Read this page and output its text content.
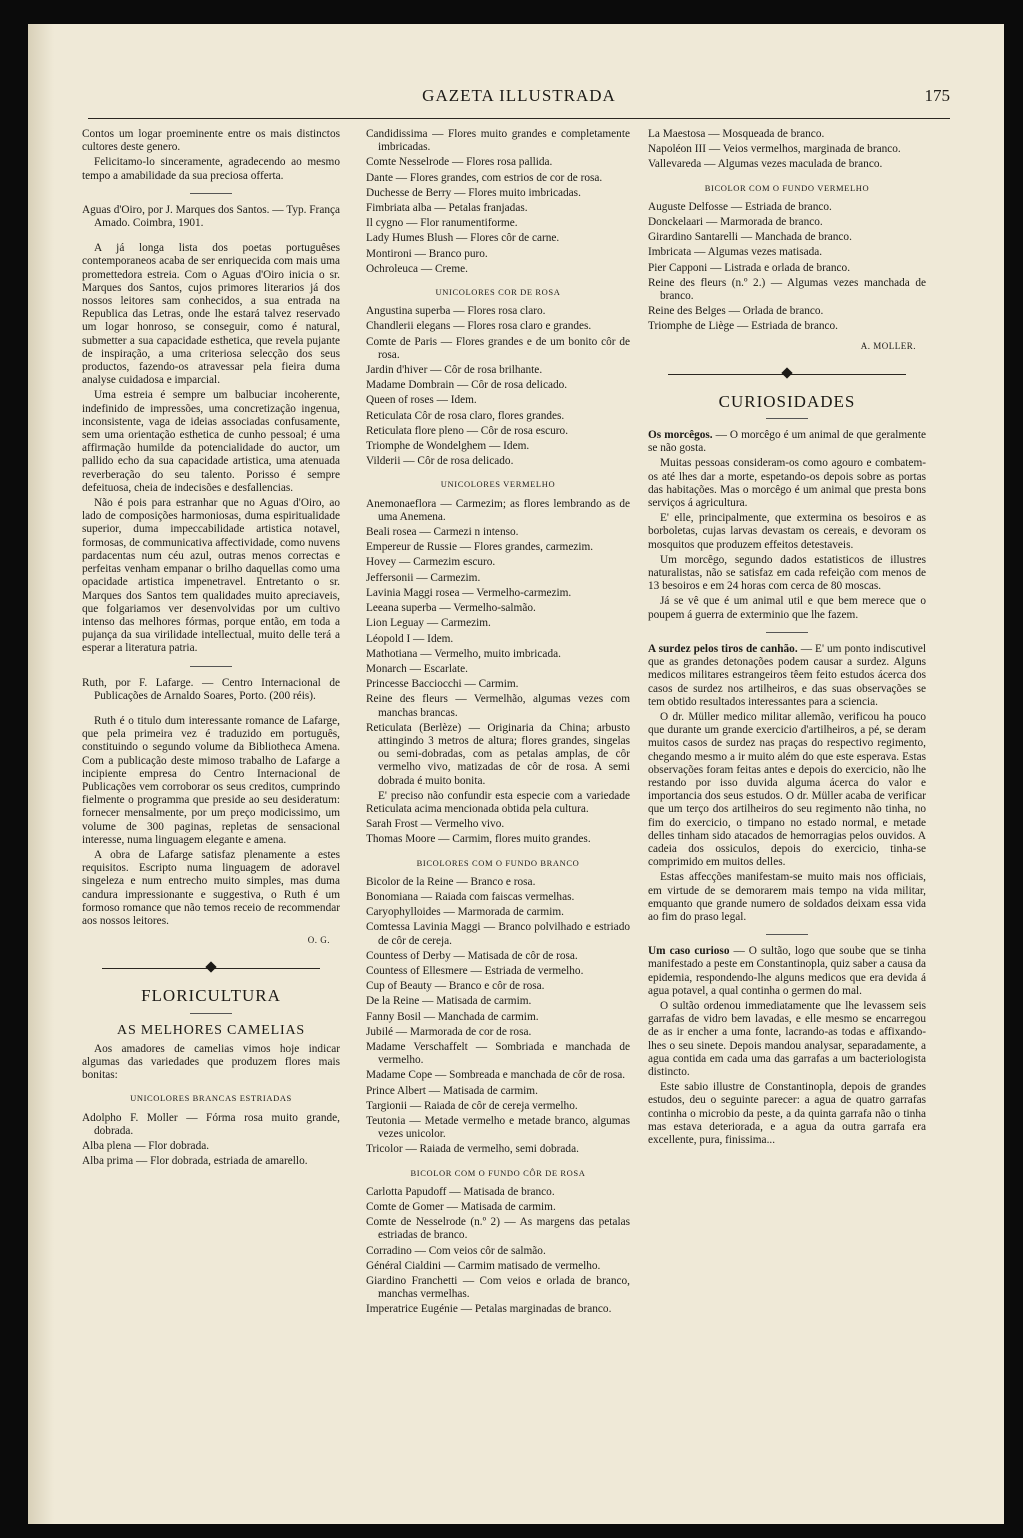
GAZETA ILLUSTRADA	175

Contos um logar proeminente entre os mais distinctos cultores deste genero.

Felicitamo-lo sinceramente, agradecendo ao mesmo tempo a amabilidade da sua preciosa offerta.

Aguas d'Oiro, por J. Marques dos Santos. — Typ. França Amado. Coimbra, 1901.

A já longa lista dos poetas portuguêses contemporaneos acaba de ser enriquecida com mais uma promettedora estreia. Com o Aguas d'Oiro inicia o sr. Marques dos Santos, cujos primores literarios já dos nossos leitores sam conhecidos, a sua entrada na Republica das Letras, onde lhe estará talvez reservado um logar honroso, se conseguir, como é natural, submetter a sua capacidade esthetica, que revela pujante de inspiração, a uma criteriosa selecção dos seus productos, fazendo-os atravessar pela fieira duma analyse cuidadosa e imparcial.

Uma estreia é sempre um balbuciar incoherente, indefinido de impressões, uma concretização ingenua, inconsistente, vaga de ideias associadas confusamente, sem uma orientação esthetica de cunho pessoal; é uma affirmação humilde da potencialidade do auctor, um pallido echo da sua capacidade artistica, uma atenuada reverberação do seu talento. Porisso é sempre defeituosa, cheia de indecisões e desfallencias.

Não é pois para estranhar que no Aguas d'Oiro, ao lado de composições harmoniosas, duma espiritualidade superior, duma impeccabilidade artistica notavel, formosas, de communicativa affectividade, como nuvens pardacentas num céu azul, outras menos correctas e perfeitas venham empanar o brilho daquellas como uma opacidade artistica impenetravel. Entretanto o sr. Marques dos Santos tem qualidades muito apreciaveis, que folgariamos ver desenvolvidas por um cultivo intenso das melhores fórmas, porque então, em toda a pujança da sua virilidade intellectual, muito delle terá a esperar a literatura patria.

Ruth, por F. Lafarge. — Centro Internacional de Publicações de Arnaldo Soares, Porto. (200 réis).

Ruth é o titulo dum interessante romance de Lafarge, que pela primeira vez é traduzido em português, constituindo o segundo volume da Bibliotheca Amena. Com a publicação deste mimoso trabalho de Lafarge a incipiente empresa do Centro Internacional de Publicações vem corroborar os seus creditos, cumprindo fielmente o programma que preside ao seu desideratum: fornecer mensalmente, por um preço modicissimo, um volume de 300 paginas, repletas de sensacional interesse, numa linguagem elegante e amena.

A obra de Lafarge satisfaz plenamente a estes requisitos. Escripto numa linguagem de adoravel singeleza e num entrecho muito simples, mas duma candura impressionante e suggestiva, o Ruth é um formoso romance que não temos receio de recommendar aos nossos leitores.

O. G.
FLORICULTURA
AS MELHORES CAMELIAS

Aos amadores de camelias vimos hoje indicar algumas das variedades que produzem flores mais bonitas:

UNICOLORES BRANCAS ESTRIADAS

Adolpho F. Moller — Fórma rosa muito grande, dobrada.

Alba plena — Flor dobrada.

Alba prima — Flor dobrada, estriada de amarello.

Candidissima — Flores muito grandes e completamente imbricadas.

Comte Nesselrode — Flores rosa pallida.

Dante — Flores grandes, com estrios de cor de rosa.

Duchesse de Berry — Flores muito imbricadas.

Fimbriata alba — Petalas franjadas.

Il cygno — Flor ranumentiforme.

Lady Humes Blush — Flores côr de carne.

Montironi — Branco puro.

Ochroleuca — Creme.

UNICOLORES COR DE ROSA

Angustina superba — Flores rosa claro.

Chandlerii elegans — Flores rosa claro e grandes.

Comte de Paris — Flores grandes e de um bonito côr de rosa.

Jardin d'hiver — Côr de rosa brilhante.

Madame Dombrain — Côr de rosa delicado.

Queen of roses — Idem.

Reticulata Côr de rosa claro, flores grandes.

Reticulata flore pleno — Côr de rosa escuro.

Triomphe de Wondelghem — Idem.

Vilderii — Côr de rosa delicado.

UNICOLORES VERMELHO

Anemonaeflora — Carmezim; as flores lembrando as de uma Anemena.

Beali rosea — Carmezi n intenso.

Empereur de Russie — Flores grandes, carmezim.

Hovey — Carmezim escuro.

Jeffersonii — Carmezim.

Lavinia Maggi rosea — Vermelho-carmezim.

Leeana superba — Vermelho-salmão.

Lion Leguay — Carmezim.

Léopold I — Idem.

Mathotiana — Vermelho, muito imbricada.

Monarch — Escarlate.

Princesse Bacciocchi — Carmim.

Reine des fleurs — Vermelhão, algumas vezes com manchas brancas.

Reticulata (Berlèze) — Originaria da China; arbusto attingindo 3 metros de altura; flores grandes, singelas ou semi-dobradas, com as petalas amplas, de côr vermelho vivo, matizadas de côr de rosa. A semi dobrada é muito bonita.

E' preciso não confundir esta especie com a variedade Reticulata acima mencionada obtida pela cultura.

Sarah Frost — Vermelho vivo.

Thomas Moore — Carmim, flores muito grandes.

BICOLORES COM O FUNDO BRANCO

Bicolor de la Reine — Branco e rosa.

Bonomiana — Raiada com faiscas vermelhas.

Caryophylloides — Marmorada de carmim.

Comtessa Lavinia Maggi — Branco polvilhado e estriado de côr de cereja.

Countess of Derby — Matisada de côr de rosa.

Countess of Ellesmere — Estriada de vermelho.

Cup of Beauty — Branco e côr de rosa.

De la Reine — Matisada de carmim.

Fanny Bosil — Manchada de carmim.

Jubilé — Marmorada de cor de rosa.

Madame Verschaffelt — Sombriada e manchada de vermelho.

Madame Cope — Sombreada e manchada de côr de rosa.

Prince Albert — Matisada de carmim.

Targionii — Raiada de côr de cereja vermelho.

Teutonia — Metade vermelho e metade branco, algumas vezes unicolor.

Tricolor — Raiada de vermelho, semi dobrada.

BICOLOR COM O FUNDO CÔR DE ROSA

Carlotta Papudoff — Matisada de branco.

Comte de Gomer — Matisada de carmim.

Comte de Nesselrode (n.º 2) — As margens das petalas estriadas de branco.

Corradino — Com veios côr de salmão.

Général Cialdini — Carmim matisado de vermelho.

Giardino Franchetti — Com veios e orlada de branco, manchas vermelhas.

Imperatrice Eugénie — Petalas marginadas de branco.

La Maestosa — Mosqueada de branco.

Napoléon III — Veios vermelhos, marginada de branco.

Vallevareda — Algumas vezes maculada de branco.

BICOLOR COM O FUNDO VERMELHO

Auguste Delfosse — Estriada de branco.

Donckelaari — Marmorada de branco.

Girardino Santarelli — Manchada de branco.

Imbricata — Algumas vezes matisada.

Pier Capponi — Listrada e orlada de branco.

Reine des fleurs (n.º 2.) — Algumas vezes manchada de branco.

Reine des Belges — Orlada de branco.

Triomphe de Liège — Estriada de branco.

A. MOLLER.
CURIOSIDADES

Os morcêgos. — O morcêgo é um animal de que geralmente se não gosta.

Muitas pessoas consideram-os como agouro e combatem-os até lhes dar a morte, espetando-os depois sobre as portas das habitações. Mas o morcêgo é um animal que presta bons serviços á agricultura.

E' elle, principalmente, que extermina os besoiros e as borboletas, cujas larvas devastam os cereais, e devoram os mosquitos que produzem effeitos detestaveis.

Um morcêgo, segundo dados estatisticos de illustres naturalistas, não se satisfaz em cada refeição com menos de 13 besoiros e em 24 horas com cerca de 80 moscas.

Já se vê que é um animal util e que bem merece que o poupem á guerra de exterminio que lhe fazem.

A surdez pelos tiros de canhão. — E' um ponto indiscutivel que as grandes detonações podem causar a surdez. Alguns medicos militares estrangeiros têem feito estudos ácerca dos casos de surdez nos artilheiros, e das suas observações se tem obtido resultados interessantes para a sciencia.

O dr. Müller medico militar allemão, verificou ha pouco que durante um grande exercicio d'artilheiros, a pé, se deram muitos casos de surdez nas praças do respectivo regimento, chegando mesmo a ir muito além do que este esperava. Estas observações foram feitas antes e depois do exercicio, não lhe restando por isso duvida alguma ácerca do valor e importancia dos seus estudos. O dr. Müller acaba de verificar que um terço dos artilheiros do seu regimento não tinha, no fim do exercicio, o timpano no estado normal, e metade delles tinham sido atacados de hemorragias pelos ouvidos. A cadeia dos ossiculos, depois do exercicio, tinha-se comprimido em muitos delles.

Estas affecções manifestam-se muito mais nos officiais, em virtude de se demorarem mais tempo na vida militar, emquanto que grande numero de soldados deixam essa vida ao fim do praso legal.

Um caso curioso — O sultão, logo que soube que se tinha manifestado a peste em Constantinopla, quiz saber a causa da epidemia, respondendo-lhe alguns medicos que era devida á agua potavel, a qual continha o germen do mal.

O sultão ordenou immediatamente que lhe levassem seis garrafas de vidro bem lavadas, e elle mesmo se encarregou de as ir encher a uma fonte, lacrando-as todas e affixando-lhes o seu sinete. Depois mandou analysar, separadamente, a agua contida em cada uma das garrafas a um bacteriologista distincto.

Este sabio illustre de Constantinopla, depois de grandes estudos, deu o seguinte parecer: a agua de quatro garrafas continha o microbio da peste, a da quinta garrafa não o tinha mas estava deteriorada, e a agua da outra garrafa era excellente, pura, finissima...
